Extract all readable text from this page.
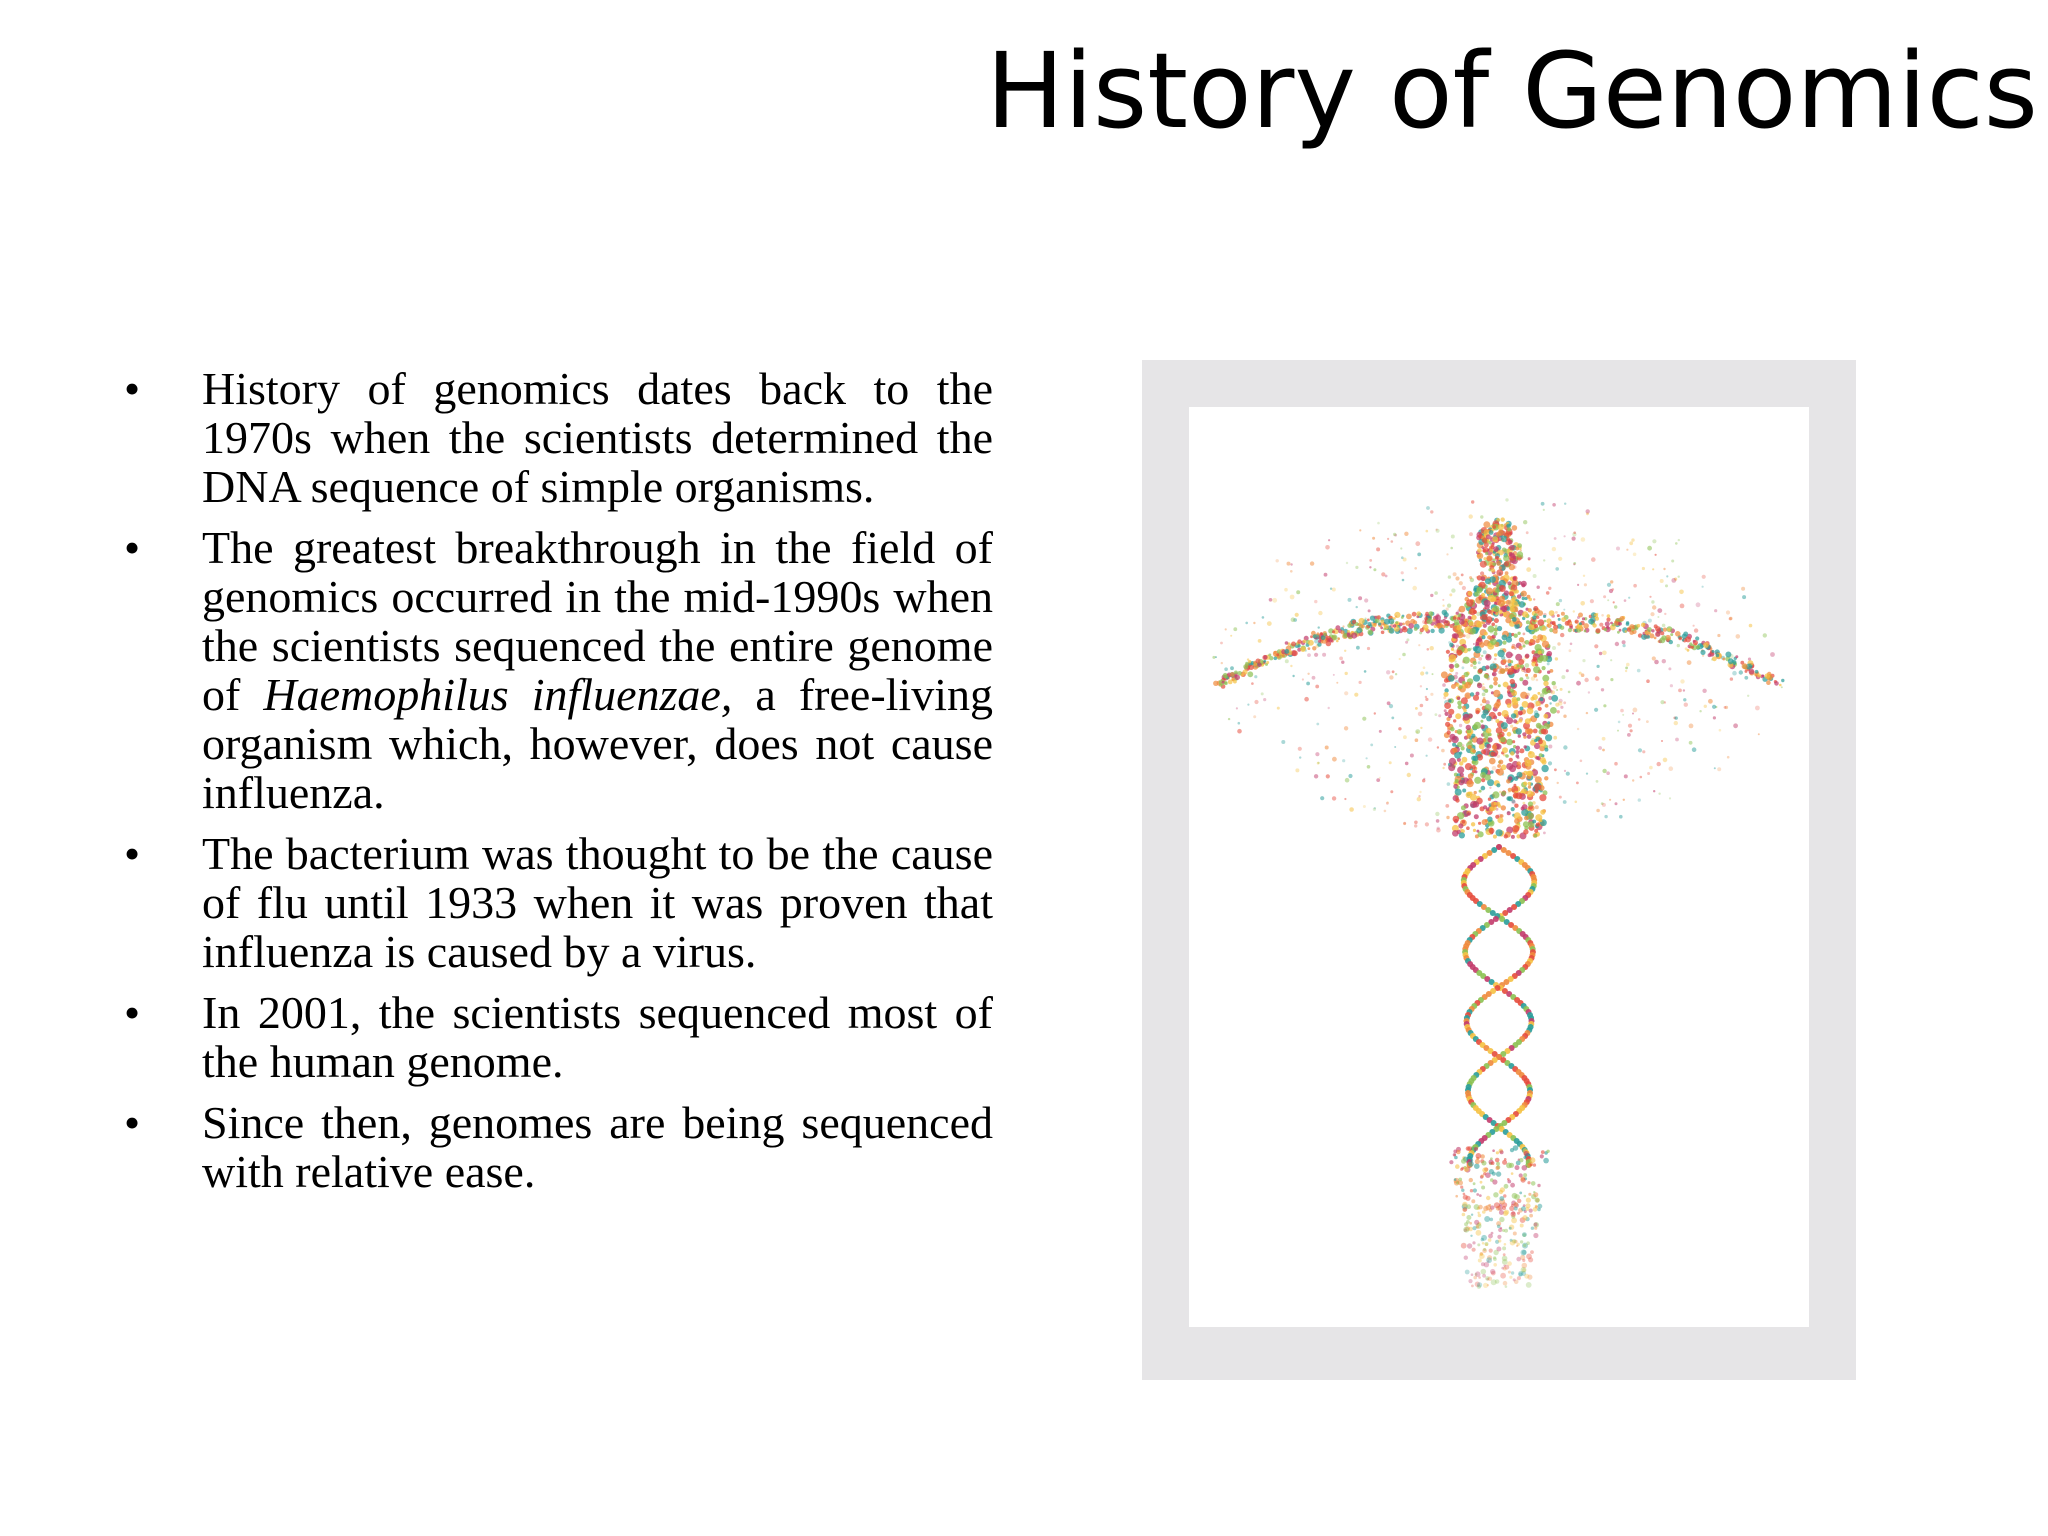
History of Genomics
• History of genomics dates back to the 1970s when the scientists determined the DNA sequence of simple organisms.
• The greatest breakthrough in the field of genomics occurred in the mid-1990s when the scientists sequenced the entire genome of Haemophilus influenzae, a free-living organism which, however, does not cause influenza.
• The bacterium was thought to be the cause of flu until 1933 when it was proven that influenza is caused by a virus.
• In 2001, the scientists sequenced most of the human genome.
• Since then, genomes are being sequenced with relative ease.
